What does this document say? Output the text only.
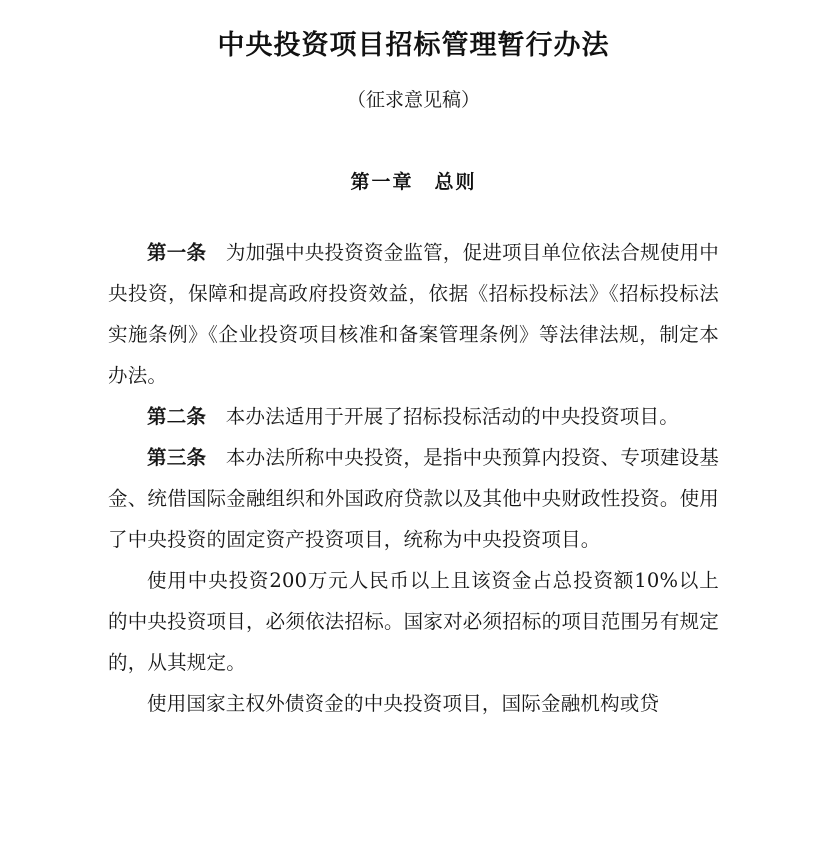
中央投资项目招标管理暂行办法
（征求意见稿）
第一章　总则

第一条　为加强中央投资资金监管，促进项目单位依法合规使用中央投资，保障和提高政府投资效益，依据《招标投标法》《招标投标法实施条例》《企业投资项目核准和备案管理条例》等法律法规，制定本办法。

第二条　本办法适用于开展了招标投标活动的中央投资项目。

第三条　本办法所称中央投资，是指中央预算内投资、专项建设基金、统借国际金融组织和外国政府贷款以及其他中央财政性投资。使用了中央投资的固定资产投资项目，统称为中央投资项目。

使用中央投资200万元人民币以上且该资金占总投资额10%以上的中央投资项目，必须依法招标。国家对必须招标的项目范围另有规定的，从其规定。

使用国家主权外债资金的中央投资项目，国际金融机构或贷
